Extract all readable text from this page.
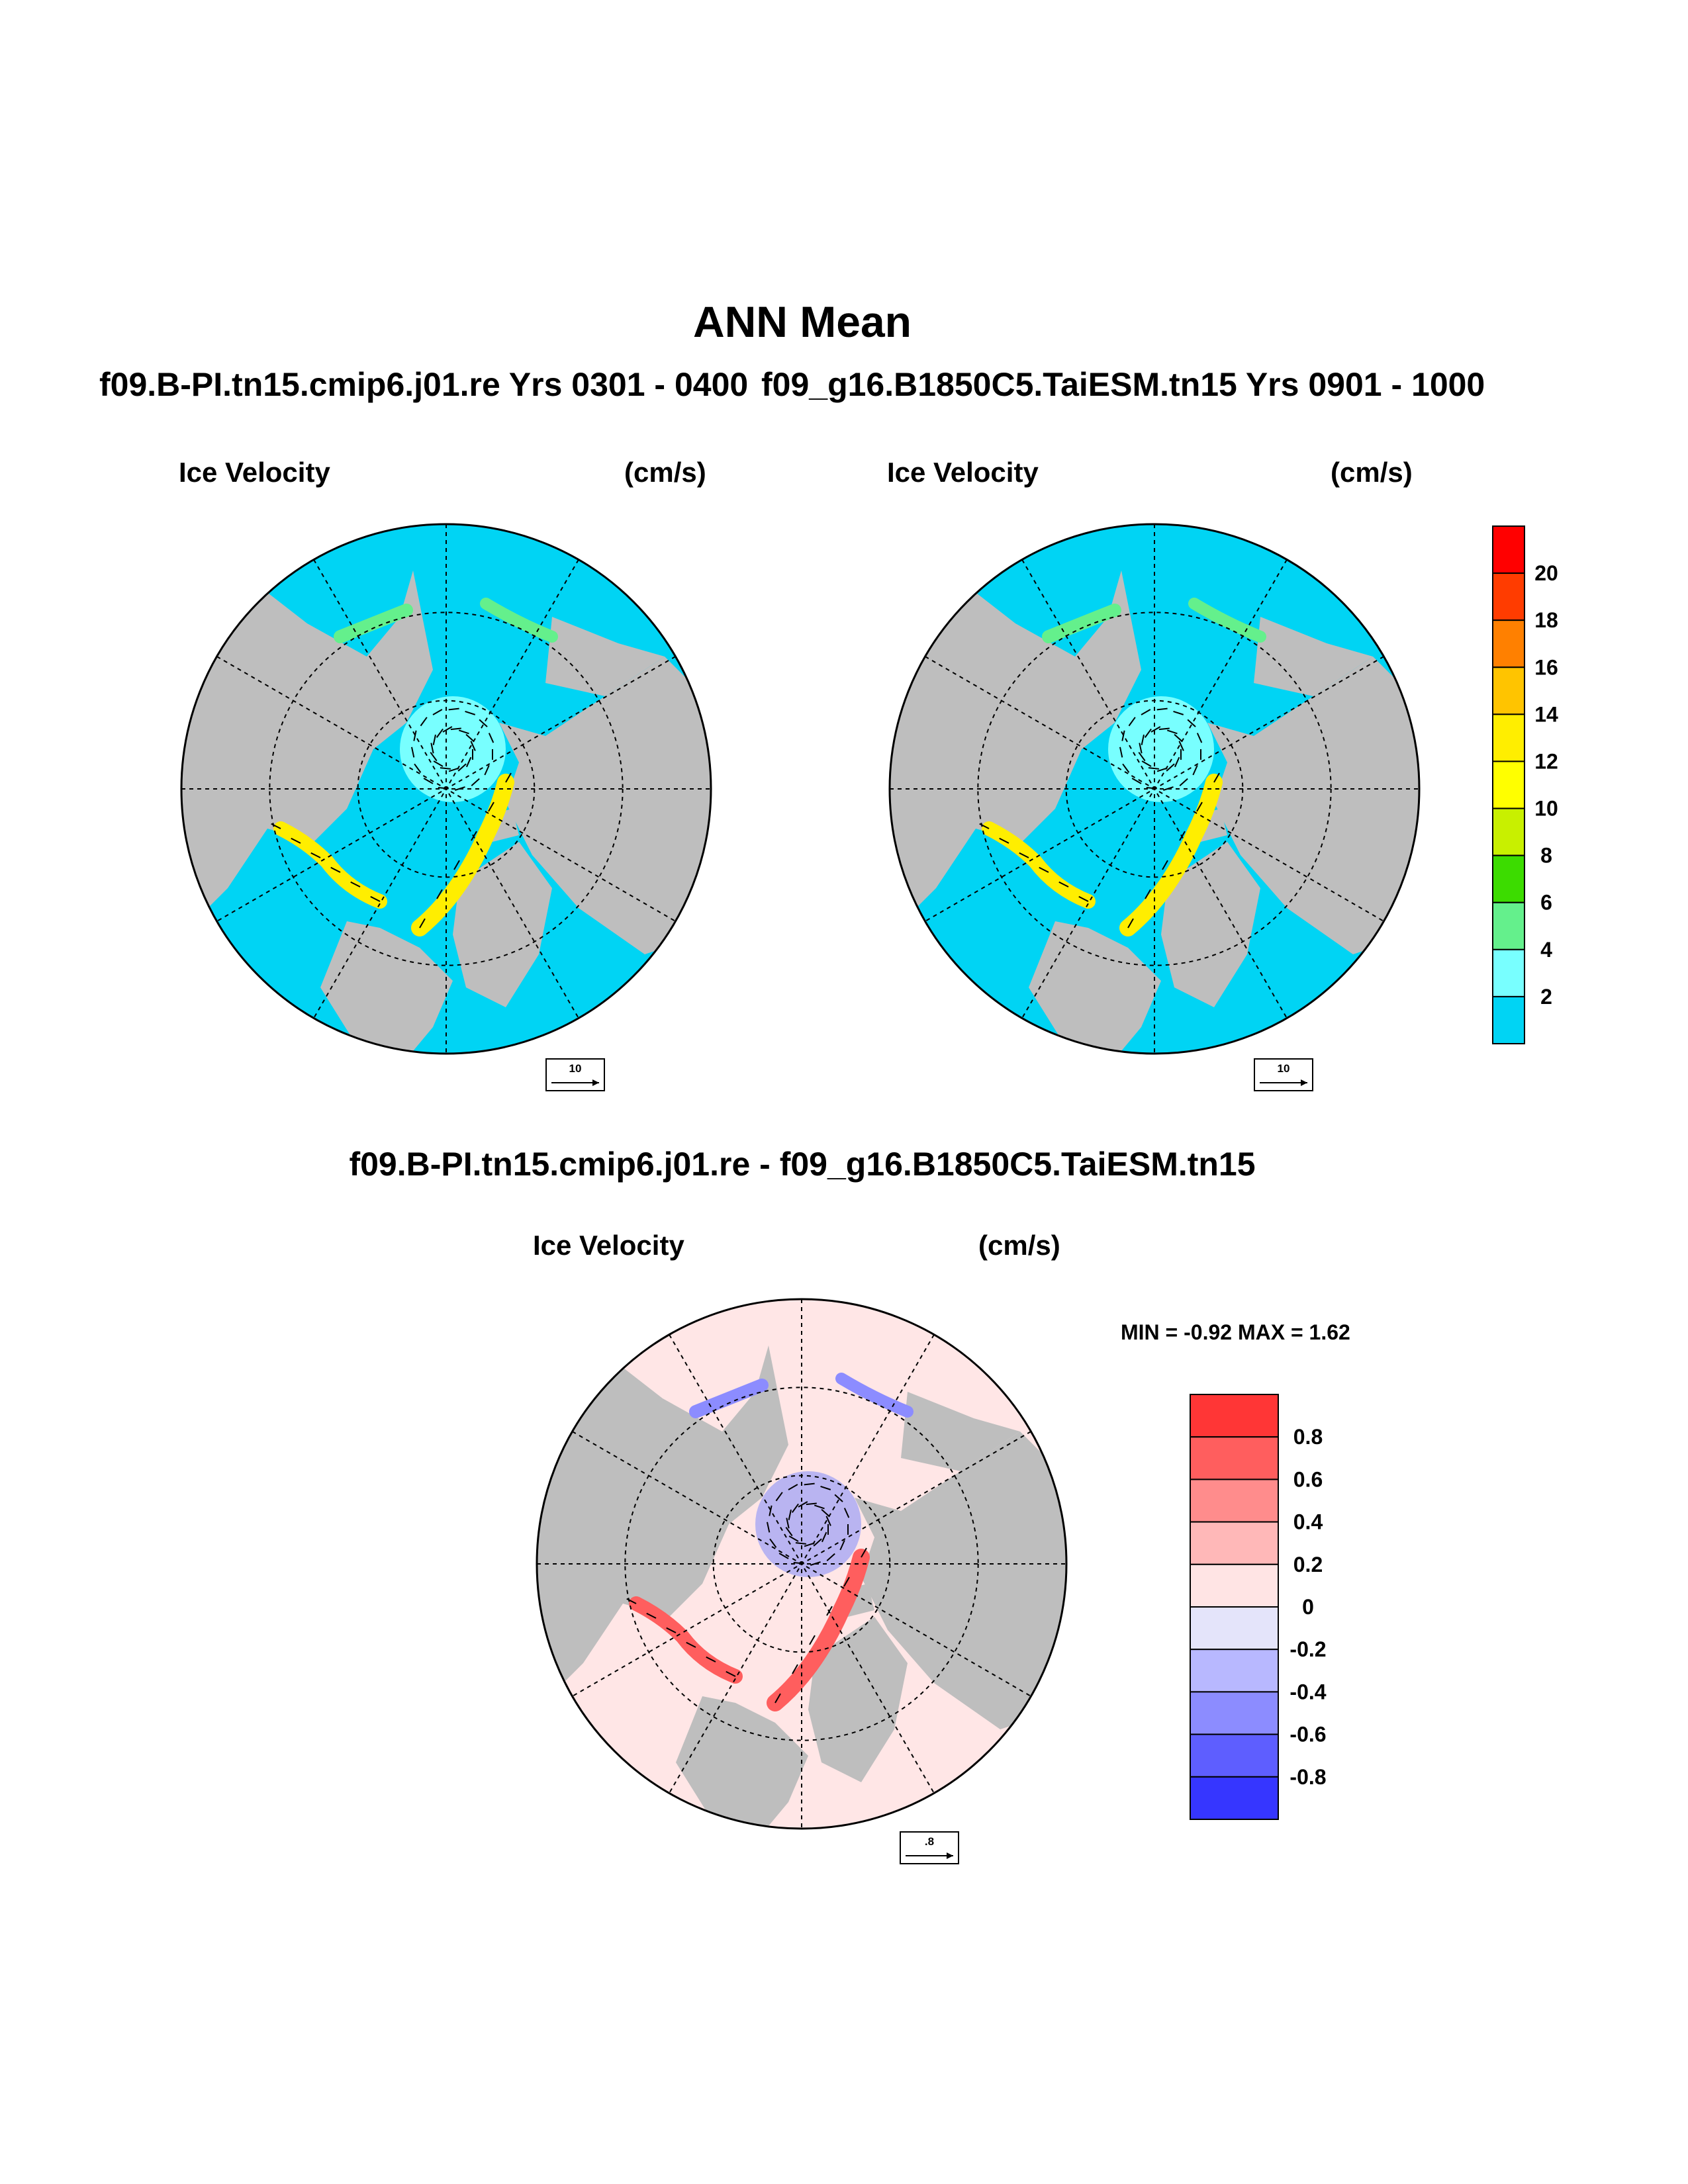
ANN Mean
f09.B-PI.tn15.cmip6.j01.re Yrs 0301 - 0400 f09_g16.B1850C5.TaiESM.tn15 Yrs 0901 - 1000
Ice Velocity	(cm/s)	Ice Velocity	(cm/s)
f09.B-PI.tn15.cmip6.j01.re - f09_g16.B1850C5.TaiESM.tn15
Ice Velocity	(cm/s)
MIN = -0.92 MAX = 1.62
10	10
.8
20
18
16
14
12
10
8
6
4
2
0.8
0.6
0.4
0.2
0
-0.2
-0.4
-0.6
-0.8
